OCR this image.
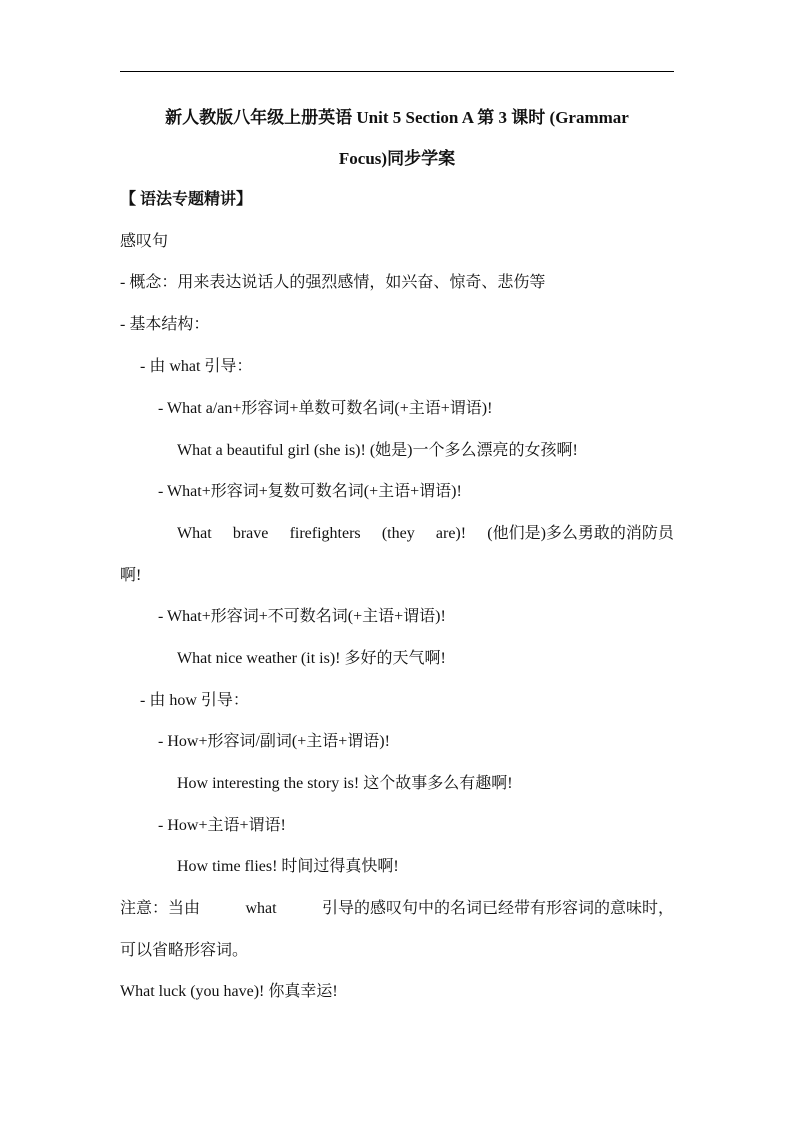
新人教版八年级上册英语 Unit 5 Section A 第 3 课时 (Grammar
Focus)同步学案
【 语法专题精讲】
感叹句
- 概念：用来表达说话人的强烈感情，如兴奋、惊奇、悲伤等
- 基本结构：
- 由 what 引导：
- What a/an+形容词+单数可数名词(+主语+谓语)!
What a beautiful girl (she is)! (她是)一个多么漂亮的女孩啊!
- What+形容词+复数可数名词(+主语+谓语)!
What brave firefighters (they are)! (他们是)多么勇敢的消防员
啊!
- What+形容词+不可数名词(+主语+谓语)!
What nice weather (it is)! 多好的天气啊!
- 由 how 引导：
- How+形容词/副词(+主语+谓语)!
How interesting the story is! 这个故事多么有趣啊!
- How+主语+谓语!
How time flies! 时间过得真快啊!
注意：当由	what	引导的感叹句中的名词已经带有形容词的意味时，
可以省略形容词。
What luck (you have)! 你真幸运!
